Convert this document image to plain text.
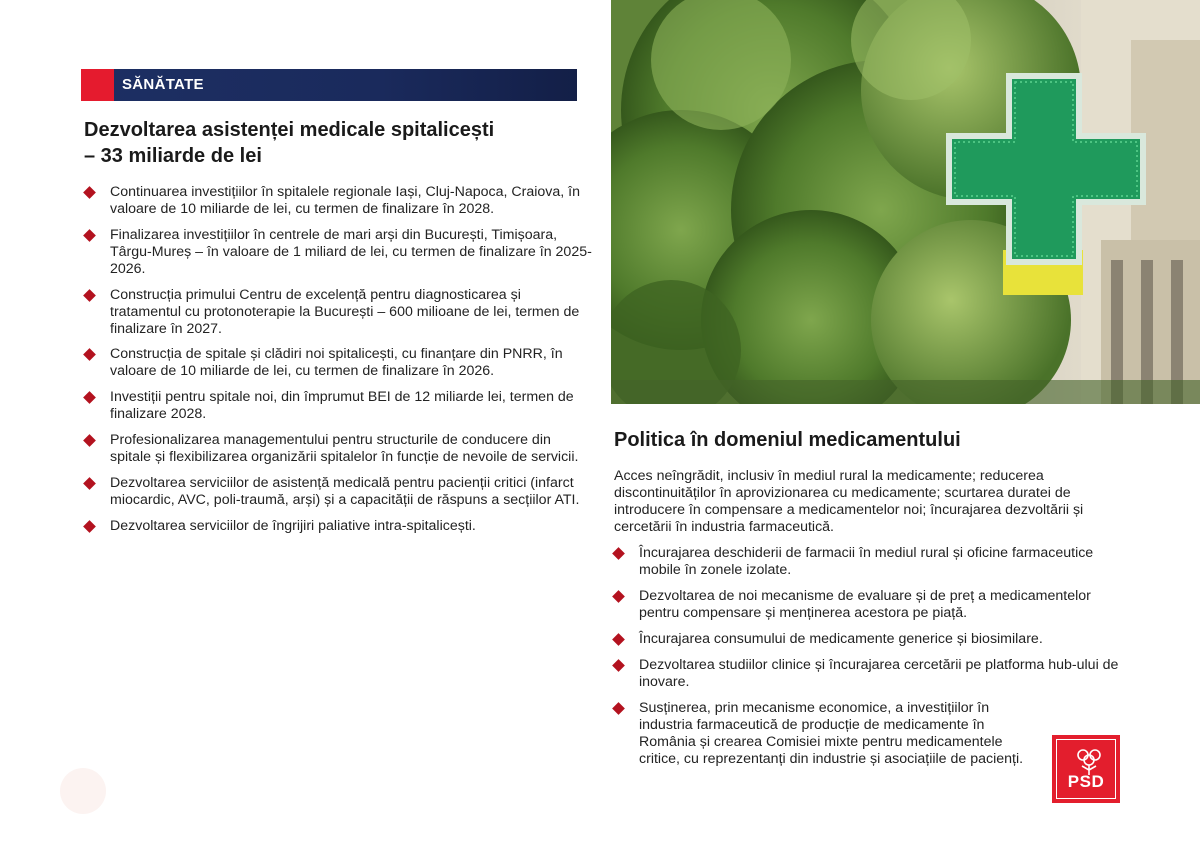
SĂNĂTATE
Dezvoltarea asistenței medicale spitalicești – 33 miliarde de lei
Continuarea investițiilor în spitalele regionale Iași, Cluj-Napoca, Craiova, în valoare de 10 miliarde de lei, cu termen de finalizare în 2028.
Finalizarea investițiilor în centrele de mari arși din București, Timișoara, Târgu-Mureș – în valoare de 1 miliard de lei, cu termen de finalizare în 2025-2026.
Construcția primului Centru de excelență pentru diagnosticarea și tratamentul cu protonoterapie la București – 600 milioane de lei, termen de finalizare în 2027.
Construcția de spitale și clădiri noi spitalicești, cu finanțare din PNRR, în valoare de 10 miliarde de lei, cu termen de finalizare în 2026.
Investiții pentru spitale noi, din împrumut BEI de 12 miliarde lei, termen de finalizare 2028.
Profesionalizarea managementului pentru structurile de conducere din spitale și flexibilizarea organizării spitalelor în funcție de nevoile de servicii.
Dezvoltarea serviciilor de asistență medicală pentru pacienții critici (infarct miocardic, AVC, poli-traumă, arși) și a capacității de răspuns a secțiilor ATI.
Dezvoltarea serviciilor de îngrijiri paliative intra-spitalicești.
Politica în domeniul medicamentului

Acces neîngrădit, inclusiv în mediul rural la medicamente; reducerea discontinuităților în aprovizionarea cu medicamente; scurtarea duratei de introducere în compensare a medicamentelor noi; încurajarea dezvoltării și cercetării în industria farmaceutică.

Încurajarea deschiderii de farmacii în mediul rural și oficine farmaceutice mobile în zonele izolate.
Dezvoltarea de noi mecanisme de evaluare și de preț a medicamentelor pentru compensare și menținerea acestora pe piață.
Încurajarea consumului de medicamente generice și biosimilare.
Dezvoltarea studiilor clinice și încurajarea cercetării pe platforma hub-ului de inovare.
Susținerea, prin mecanisme economice, a investițiilor în industria farmaceutică de producție de medicamente în România și crearea Comisiei mixte pentru medicamentele critice, cu reprezentanți din industrie și asociațiile de pacienți.
PSD
